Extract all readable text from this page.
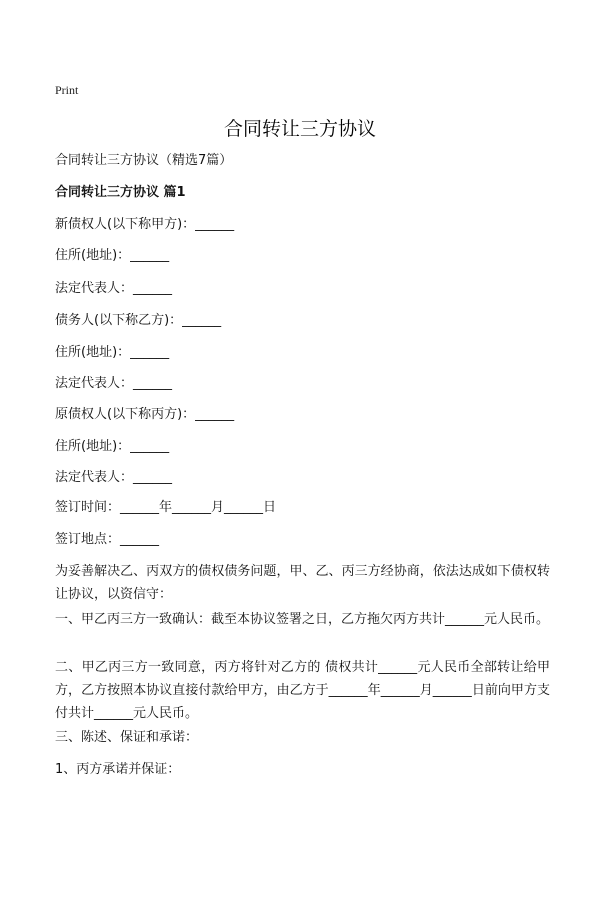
Print
合同转让三方协议
合同转让三方协议（精选7篇）
合同转让三方协议 篇1
新债权人(以下称甲方)：______
住所(地址)：______
法定代表人：______
债务人(以下称乙方)：______
住所(地址)：______
法定代表人：______
原债权人(以下称丙方)：______
住所(地址)：______
法定代表人：______
签订时间：______年______月______日
签订地点：______
为妥善解决乙、丙双方的债权债务问题，甲、乙、丙三方经协商，依法达成如下债权转让协议，以资信守：
一、甲乙丙三方一致确认：截至本协议签署之日，乙方拖欠丙方共计______元人民币。
二、甲乙丙三方一致同意，丙方将针对乙方的 债权共计______元人民币全部转让给甲方，乙方按照本协议直接付款给甲方，由乙方于______年______月______日前向甲方支付共计______元人民币。
三、陈述、保证和承诺：
1、丙方承诺并保证：
